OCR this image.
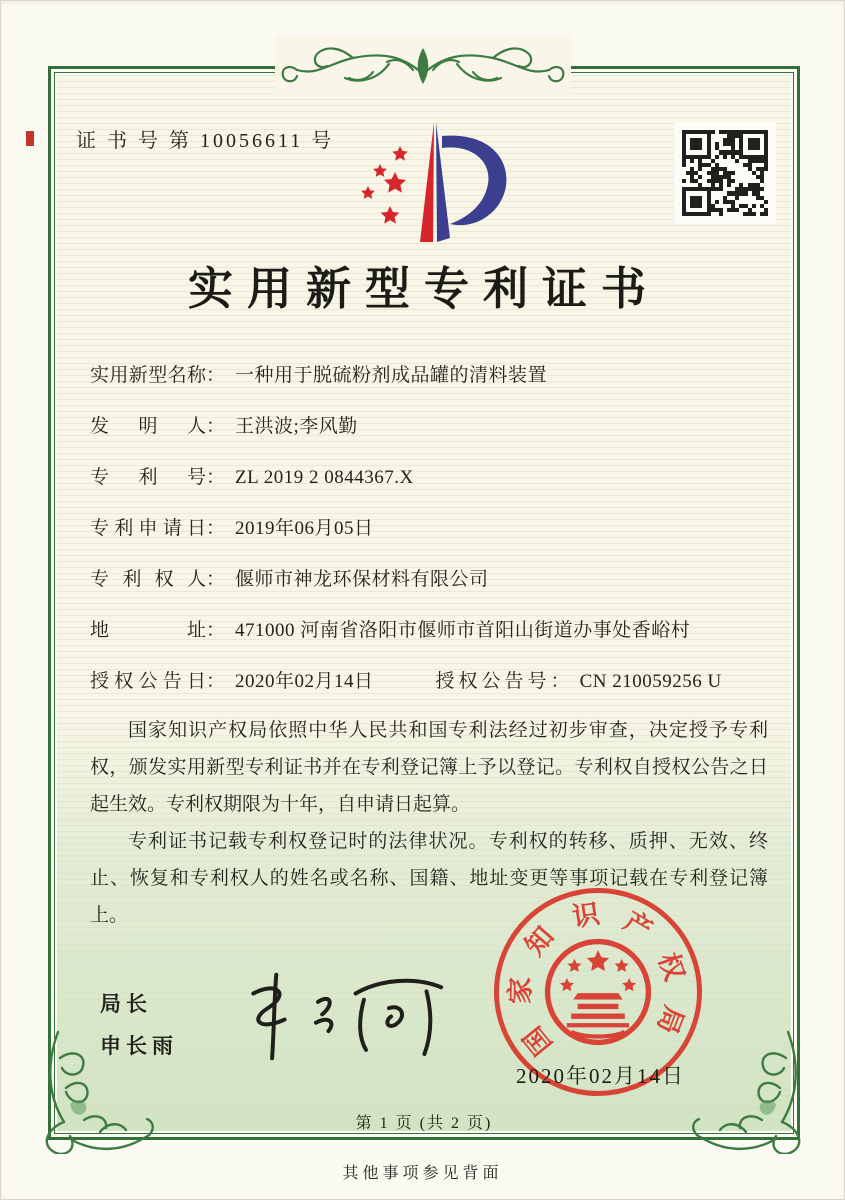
证 书 号 第 10056611 号
实用新型专利证书
实用新型名称 ： 一种用于脱硫粉剂成品罐的清料装置
发明人 ： 王洪波;李风勤
专利号 ： ZL 2019 2 0844367.X
专利申请日 ： 2019年06月05日
专利权人 ： 偃师市神龙环保材料有限公司
地址 ： 471000 河南省洛阳市偃师市首阳山街道办事处香峪村
授权公告日 ： 2020年02月14日	授权公告号 ： CN 210059256 U

国家知识产权局依照中华人民共和国专利法经过初步审查，决定授予专利权，颁发实用新型专利证书并在专利登记簿上予以登记。专利权自授权公告之日起生效。专利权期限为十年，自申请日起算。

专利证书记载专利权登记时的法律状况。专利权的转移、质押、无效、终止、恢复和专利权人的姓名或名称、国籍、地址变更等事项记载在专利登记簿上。

局长
申长雨	国
家
知
识 产
权
局
2020年02月14日
第 1 页 (共 2 页)
其他事项参见背面
